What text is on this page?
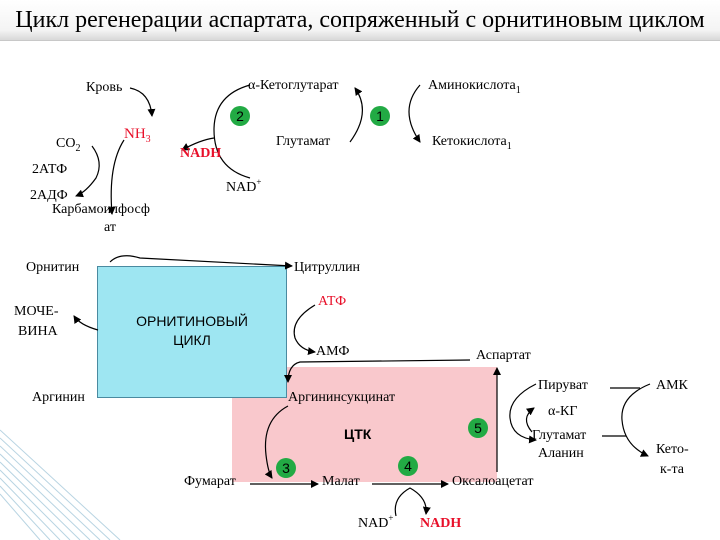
Цикл регенерации аспартата, сопряженный с орнитиновым циклом
Кровь
$NH_3$
$CO_2$
2АТФ
2АДФ
Карбамоилфосф
ат
NADH
NAD+
α-Кетоглутарат
Глутамат
Аминокислота$_1$
Кетокислота$_1$
2	1
3	4
5
ОРНИТИНОВЫЙ
ЦИКЛ
Орнитин	Цитруллин
МОЧЕ-
ВИНА
АТФ
АМФ
Аргинин	Аргининсукцинат
ЦТК
Аспартат
Фумарат	Малат	Оксалоацетат
NAD+ NADH
Пируват
α-КГ
Глутамат
Аланин
АМК
Кето-
к-та
